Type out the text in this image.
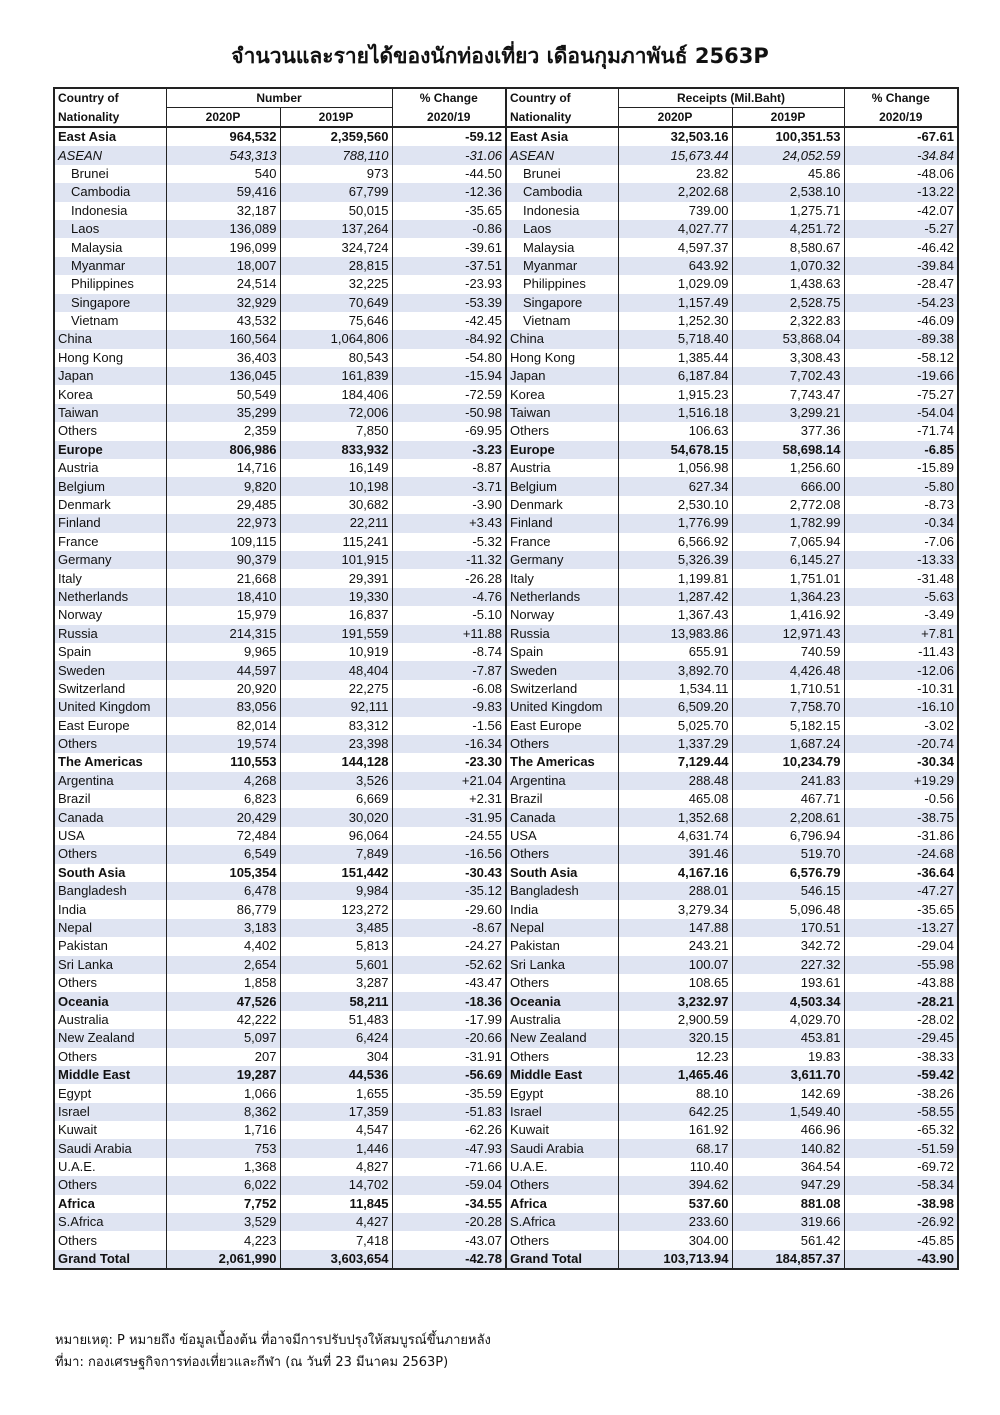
จำนวนและรายได้ของนักท่องเที่ยว เดือนกุมภาพันธ์ 2563P
Country of	Number		% Change	Country of	Receipts (Mil.Baht)		% Change
Nationality	2020P	2019P	2020/19	Nationality	2020P	2019P	2020/19
East Asia	964,532	2,359,560	-59.12	East Asia	32,503.16	100,351.53	-67.61
ASEAN	543,313	788,110	-31.06	ASEAN	15,673.44	24,052.59	-34.84
Brunei	540	973	-44.50	Brunei	23.82	45.86	-48.06
Cambodia	59,416	67,799	-12.36	Cambodia	2,202.68	2,538.10	-13.22
Indonesia	32,187	50,015	-35.65	Indonesia	739.00	1,275.71	-42.07
Laos	136,089	137,264	-0.86	Laos	4,027.77	4,251.72	-5.27
Malaysia	196,099	324,724	-39.61	Malaysia	4,597.37	8,580.67	-46.42
Myanmar	18,007	28,815	-37.51	Myanmar	643.92	1,070.32	-39.84
Philippines	24,514	32,225	-23.93	Philippines	1,029.09	1,438.63	-28.47
Singapore	32,929	70,649	-53.39	Singapore	1,157.49	2,528.75	-54.23
Vietnam	43,532	75,646	-42.45	Vietnam	1,252.30	2,322.83	-46.09
China	160,564	1,064,806	-84.92	China	5,718.40	53,868.04	-89.38
Hong Kong	36,403	80,543	-54.80	Hong Kong	1,385.44	3,308.43	-58.12
Japan	136,045	161,839	-15.94	Japan	6,187.84	7,702.43	-19.66
Korea	50,549	184,406	-72.59	Korea	1,915.23	7,743.47	-75.27
Taiwan	35,299	72,006	-50.98	Taiwan	1,516.18	3,299.21	-54.04
Others	2,359	7,850	-69.95	Others	106.63	377.36	-71.74
Europe	806,986	833,932	-3.23	Europe	54,678.15	58,698.14	-6.85
Austria	14,716	16,149	-8.87	Austria	1,056.98	1,256.60	-15.89
Belgium	9,820	10,198	-3.71	Belgium	627.34	666.00	-5.80
Denmark	29,485	30,682	-3.90	Denmark	2,530.10	2,772.08	-8.73
Finland	22,973	22,211	+3.43	Finland	1,776.99	1,782.99	-0.34
France	109,115	115,241	-5.32	France	6,566.92	7,065.94	-7.06
Germany	90,379	101,915	-11.32	Germany	5,326.39	6,145.27	-13.33
Italy	21,668	29,391	-26.28	Italy	1,199.81	1,751.01	-31.48
Netherlands	18,410	19,330	-4.76	Netherlands	1,287.42	1,364.23	-5.63
Norway	15,979	16,837	-5.10	Norway	1,367.43	1,416.92	-3.49
Russia	214,315	191,559	+11.88	Russia	13,983.86	12,971.43	+7.81
Spain	9,965	10,919	-8.74	Spain	655.91	740.59	-11.43
Sweden	44,597	48,404	-7.87	Sweden	3,892.70	4,426.48	-12.06
Switzerland	20,920	22,275	-6.08	Switzerland	1,534.11	1,710.51	-10.31
United Kingdom	83,056	92,111	-9.83	United Kingdom	6,509.20	7,758.70	-16.10
East Europe	82,014	83,312	-1.56	East Europe	5,025.70	5,182.15	-3.02
Others	19,574	23,398	-16.34	Others	1,337.29	1,687.24	-20.74
The Americas	110,553	144,128	-23.30	The Americas	7,129.44	10,234.79	-30.34
Argentina	4,268	3,526	+21.04	Argentina	288.48	241.83	+19.29
Brazil	6,823	6,669	+2.31	Brazil	465.08	467.71	-0.56
Canada	20,429	30,020	-31.95	Canada	1,352.68	2,208.61	-38.75
USA	72,484	96,064	-24.55	USA	4,631.74	6,796.94	-31.86
Others	6,549	7,849	-16.56	Others	391.46	519.70	-24.68
South Asia	105,354	151,442	-30.43	South Asia	4,167.16	6,576.79	-36.64
Bangladesh	6,478	9,984	-35.12	Bangladesh	288.01	546.15	-47.27
India	86,779	123,272	-29.60	India	3,279.34	5,096.48	-35.65
Nepal	3,183	3,485	-8.67	Nepal	147.88	170.51	-13.27
Pakistan	4,402	5,813	-24.27	Pakistan	243.21	342.72	-29.04
Sri Lanka	2,654	5,601	-52.62	Sri Lanka	100.07	227.32	-55.98
Others	1,858	3,287	-43.47	Others	108.65	193.61	-43.88
Oceania	47,526	58,211	-18.36	Oceania	3,232.97	4,503.34	-28.21
Australia	42,222	51,483	-17.99	Australia	2,900.59	4,029.70	-28.02
New Zealand	5,097	6,424	-20.66	New Zealand	320.15	453.81	-29.45
Others	207	304	-31.91	Others	12.23	19.83	-38.33
Middle East	19,287	44,536	-56.69	Middle East	1,465.46	3,611.70	-59.42
Egypt	1,066	1,655	-35.59	Egypt	88.10	142.69	-38.26
Israel	8,362	17,359	-51.83	Israel	642.25	1,549.40	-58.55
Kuwait	1,716	4,547	-62.26	Kuwait	161.92	466.96	-65.32
Saudi Arabia	753	1,446	-47.93	Saudi Arabia	68.17	140.82	-51.59
U.A.E.	1,368	4,827	-71.66	U.A.E.	110.40	364.54	-69.72
Others	6,022	14,702	-59.04	Others	394.62	947.29	-58.34
Africa	7,752	11,845	-34.55	Africa	537.60	881.08	-38.98
S.Africa	3,529	4,427	-20.28	S.Africa	233.60	319.66	-26.92
Others	4,223	7,418	-43.07	Others	304.00	561.42	-45.85
Grand Total	2,061,990	3,603,654	-42.78	Grand Total	103,713.94	184,857.37	-43.90
หมายเหตุ: P หมายถึง ข้อมูลเบื้องต้น ที่อาจมีการปรับปรุงให้สมบูรณ์ขึ้นภายหลัง
ที่มา: กองเศรษฐกิจการท่องเที่ยวและกีฬา (ณ วันที่ 23 มีนาคม 2563P)
